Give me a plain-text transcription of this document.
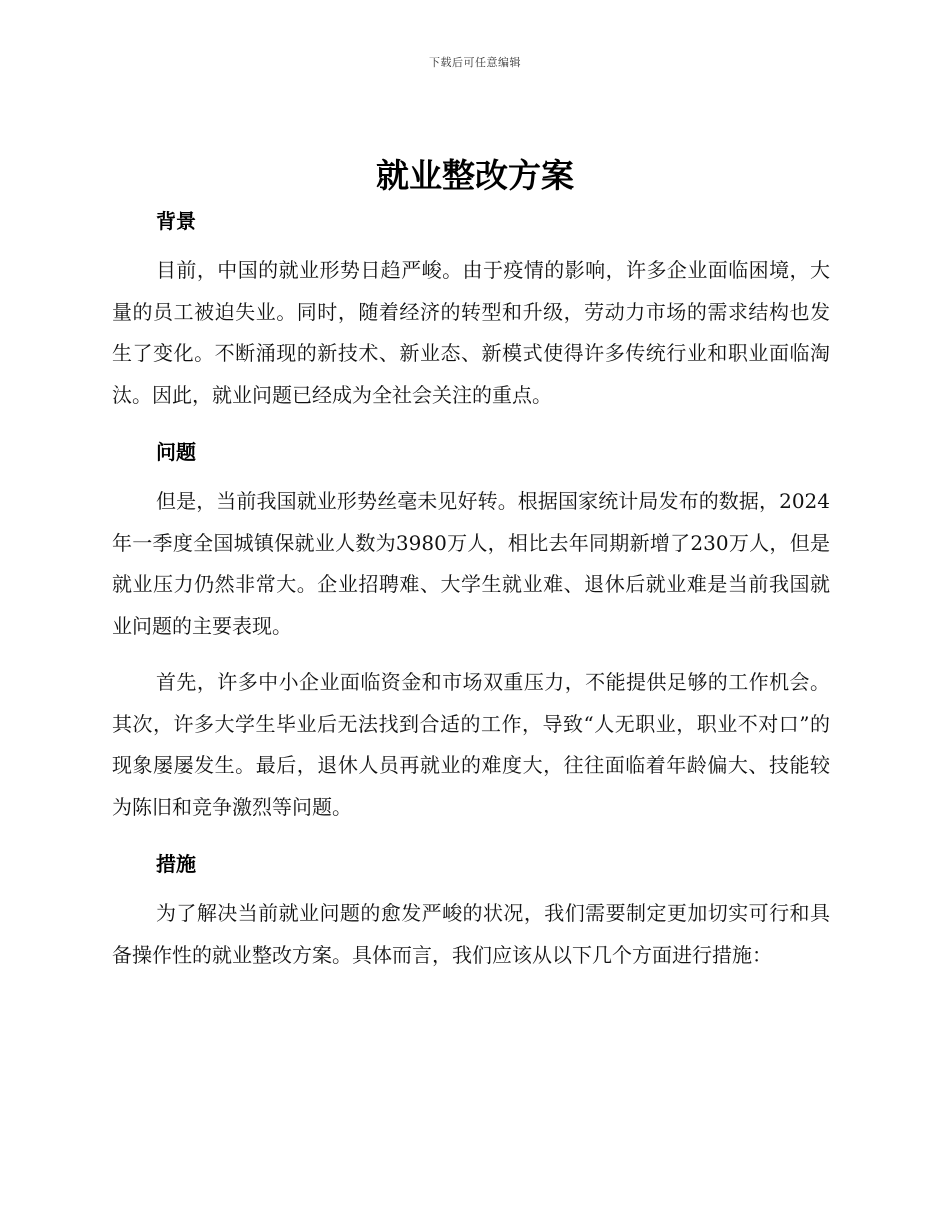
下载后可任意编辑
就业整改方案
背景

目前，中国的就业形势日趋严峻。由于疫情的影响，许多企业面临困境，大量的员工被迫失业。同时，随着经济的转型和升级，劳动力市场的需求结构也发生了变化。不断涌现的新技术、新业态、新模式使得许多传统行业和职业面临淘汰。因此，就业问题已经成为全社会关注的重点。

问题

但是，当前我国就业形势丝毫未见好转。根据国家统计局发布的数据，2024年一季度全国城镇保就业人数为3980万人，相比去年同期新增了230万人，但是就业压力仍然非常大。企业招聘难、大学生就业难、退休后就业难是当前我国就业问题的主要表现。

首先，许多中小企业面临资金和市场双重压力，不能提供足够的工作机会。其次，许多大学生毕业后无法找到合适的工作，导致“人无职业，职业不对口”的现象屡屡发生。最后，退休人员再就业的难度大，往往面临着年龄偏大、技能较为陈旧和竞争激烈等问题。

措施

为了解决当前就业问题的愈发严峻的状况，我们需要制定更加切实可行和具备操作性的就业整改方案。具体而言，我们应该从以下几个方面进行措施：
